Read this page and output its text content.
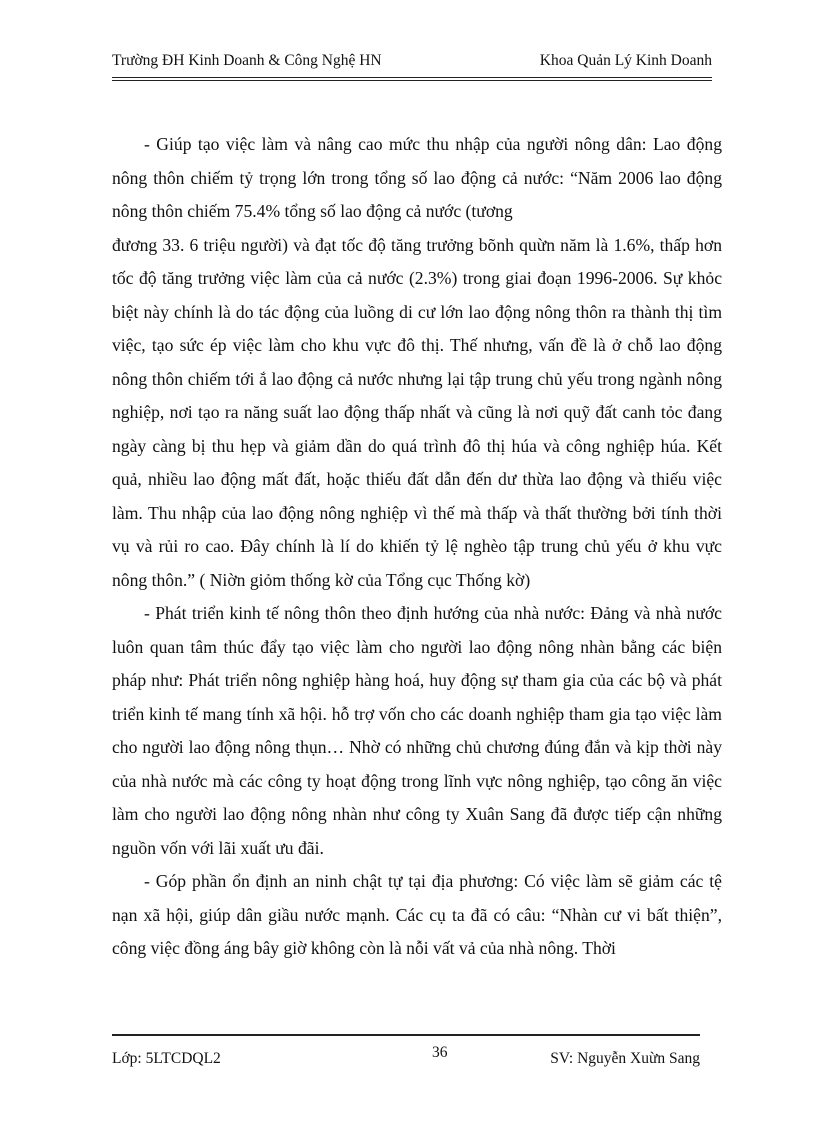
Trường ĐH Kinh Doanh & Công Nghệ HN	Khoa Quản Lý Kinh Doanh

- Giúp tạo việc làm và nâng cao mức thu nhập của người nông dân: Lao động nông thôn chiếm tỷ trọng lớn trong tổng số lao động cả nước: “Năm 2006 lao động nông thôn chiếm 75.4% tổng số lao động cả nước (tương

đương 33. 6 triệu người) và đạt tốc độ tăng trưởng bõnh quừn năm là 1.6%, thấp hơn tốc độ tăng trưởng việc làm của cả nước (2.3%) trong giai đoạn 1996-2006. Sự khỏc biệt này chính là do tác động của luồng di cư lớn lao động nông thôn ra thành thị tìm việc, tạo sức ép việc làm cho khu vực đô thị. Thế nhưng, vấn đề là ở chỗ lao động nông thôn chiếm tới ắ lao động cả nước nhưng lại tập trung chủ yếu trong ngành nông nghiệp, nơi tạo ra năng suất lao động thấp nhất và cũng là nơi quỹ đất canh tỏc đang ngày càng bị thu hẹp và giảm dần do quá trình đô thị húa và công nghiệp húa. Kết quả, nhiều lao động mất đất, hoặc thiếu đất dẫn đến dư thừa lao động và thiếu việc làm. Thu nhập của lao động nông nghiệp vì thế mà thấp và thất thường bởi tính thời vụ và rủi ro cao. Đây chính là lí do khiến tỷ lệ nghèo tập trung chủ yếu ở khu vực nông thôn.” ( Niờn giỏm thống kờ của Tổng cục Thống kờ)

- Phát triển kinh tế nông thôn theo định hướng của nhà nước: Đảng và nhà nước luôn quan tâm thúc đẩy tạo việc làm cho người lao động nông nhàn bằng các biện pháp như: Phát triển nông nghiệp hàng hoá, huy động sự tham gia của các bộ và phát triển kinh tế mang tính xã hội. hỗ trợ vốn cho các doanh nghiệp tham gia tạo việc làm cho người lao động nông thụn… Nhờ có những chủ chương đúng đắn và kịp thời này của nhà nước mà các công ty hoạt động trong lĩnh vực nông nghiệp, tạo công ăn việc làm cho người lao động nông nhàn như công ty Xuân Sang đã được tiếp cận những nguồn vốn với lãi xuất ưu đãi.

- Góp phần ổn định an ninh chật tự tại địa phương: Có việc làm sẽ giảm các tệ nạn xã hội, giúp dân giầu nước mạnh. Các cụ ta đã có câu: “Nhàn cư vi bất thiện”, công việc đồng áng bây giờ không còn là nỗi vất vả của nhà nông. Thời

Lớp: 5LTCDQL2	36	SV: Nguyễn Xuừn Sang
